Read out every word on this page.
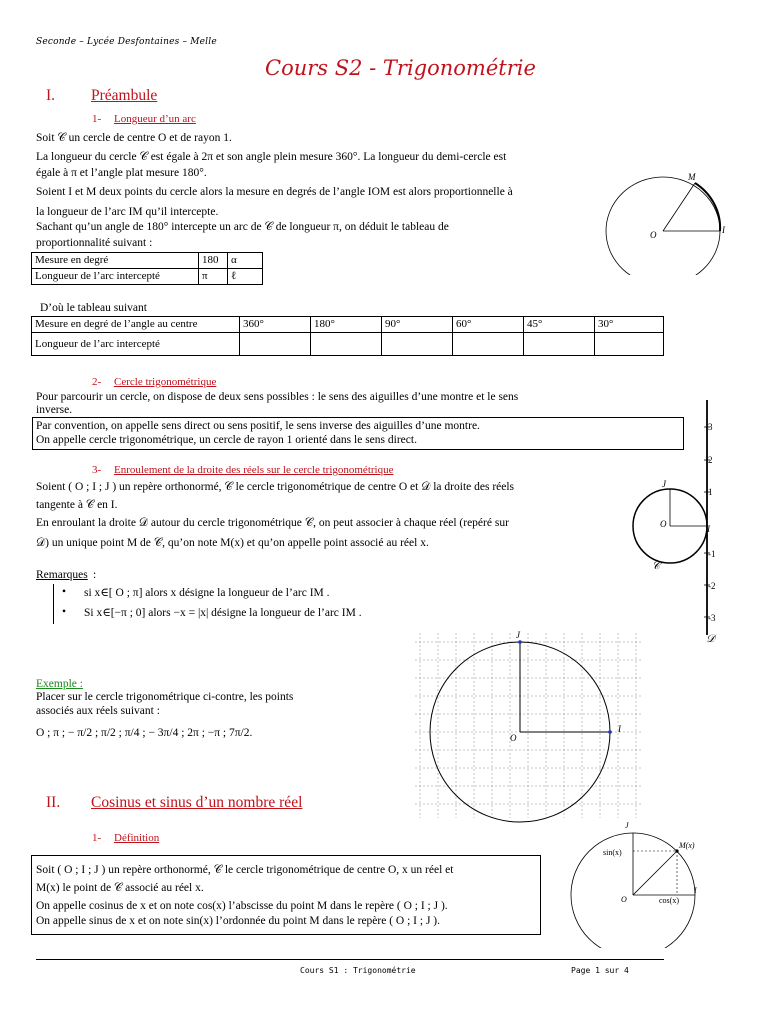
Seconde – Lycée Desfontaines – Melle
Cours S2 - Trigonométrie
I. Préambule
1- Longueur d’un arc

Soit 𝒞 un cercle de centre O et de rayon 1.

La longueur du cercle 𝒞 est égale à 2π et son angle plein mesure 360°. La longueur du demi-cercle est

égale à π et l’angle plat mesure 180°.

Soient I et M deux points du cercle alors la mesure en degrés de l’angle IOM est alors proportionnelle à

la longueur de l’arc IM qu’il intercepte.

Sachant qu’un angle de 180° intercepte un arc de 𝒞 de longueur π, on déduit le tableau de

proportionnalité suivant :

Mesure en degré	180	α
Longueur de l’arc intercepté	π	ℓ

D’où le tableau suivant

Mesure en degré de l’angle au centre	360°	180°	90°	60°	45°	30°
Longueur de l’arc intercepté						
2- Cercle trigonométrique

Pour parcourir un cercle, on dispose de deux sens possibles : le sens des aiguilles d’une montre et le sens

inverse.

Par convention, on appelle sens direct ou sens positif, le sens inverse des aiguilles d’une montre.

On appelle cercle trigonométrique, un cercle de rayon 1 orienté dans le sens direct.

3- Enroulement de la droite des réels sur le cercle trigonométrique

Soient ( O ; I ; J ) un repère orthonormé, 𝒞 le cercle trigonométrique de centre O et 𝒟 la droite des réels

tangente à 𝒞 en I.

En enroulant la droite 𝒟 autour du cercle trigonométrique 𝒞, on peut associer à chaque réel (repéré sur

𝒟) un unique point M de 𝒞, qu’on note M(x) et qu’on appelle point associé au réel x.

Remarques :
• si x∈[ O ; π] alors x désigne la longueur de l’arc IM .

• Si x∈[−π ; 0] alors −x = |x| désigne la longueur de l’arc IM .

Exemple :

Placer sur le cercle trigonométrique ci-contre, les points

associés aux réels suivant :

O ; π ; − π/2 ; π/2 ; π/4 ; − 3π/4 ; 2π ; −π ; 7π/2.

II. Cosinus et sinus d’un nombre réel
1- Définition

Soit ( O ; I ; J ) un repère orthonormé, 𝒞 le cercle trigonométrique de centre O, x un réel et

M(x) le point de 𝒞 associé au réel x.

On appelle cosinus de x et on note cos(x) l’abscisse du point M dans le repère ( O ; I ; J ).

On appelle sinus de x et on note sin(x) l’ordonnée du point M dans le repère ( O ; I ; J ).

O	I
M
3
2
1
-1
-2
-3
J
O	I
𝒞
𝒟
J
O
I
J
O
I
M(x)
sin(x)
cos(x)
Cours S1 : Trigonométrie	Page 1 sur 4
